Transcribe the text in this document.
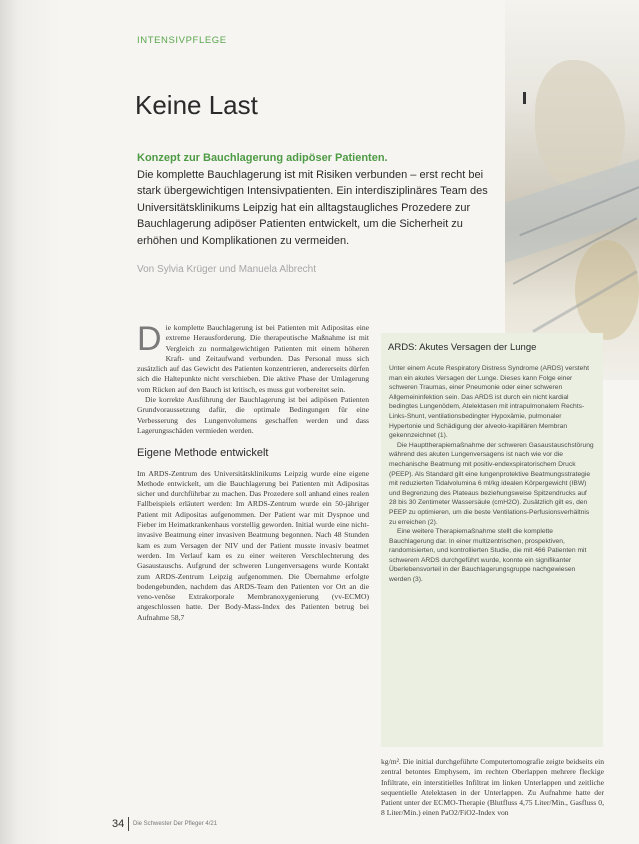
INTENSIVPFLEGE
Keine Last
Konzept zur Bauchlagerung adipöser Patienten.
Die komplette Bauchlagerung ist mit Risiken verbunden – erst recht bei stark übergewichtigen Intensivpatienten. Ein interdisziplinäres Team des Universitätsklinikums Leipzig hat ein alltagstaugliches Prozedere zur Bauchlagerung adipöser Patienten entwickelt, um die Sicherheit zu erhöhen und Komplikationen zu vermeiden.
Von Sylvia Krüger und Manuela Albrecht

Die komplette Bauchlagerung ist bei Patienten mit Adipositas eine extreme Herausforderung. Die therapeutische Maßnahme ist mit Vergleich zu normalgewichtigen Patienten mit einem höheren Kraft- und Zeitaufwand verbunden. Das Personal muss sich zusätzlich auf das Gewicht des Patienten konzentrieren, andererseits dürfen sich die Haltepunkte nicht verschieben. Die aktive Phase der Umlagerung vom Rücken auf den Bauch ist kritisch, es muss gut vorbereitet sein.

Die korrekte Ausführung der Bauchlagerung ist bei adipösen Patienten Grundvoraussetzung dafür, die optimale Bedingungen für eine Verbesserung des Lungenvolumens geschaffen werden und dass Lagerungsschäden vermieden werden.

Eigene Methode entwickelt

Im ARDS-Zentrum des Universitätsklinikums Leipzig wurde eine eigene Methode entwickelt, um die Bauchlagerung bei Patienten mit Adipositas sicher und durchführbar zu machen. Das Prozedere soll anhand eines realen Fallbeispiels erläutert werden: Im ARDS-Zentrum wurde ein 50-jähriger Patient mit Adipositas aufgenommen. Der Patient war mit Dyspnoe und Fieber im Heimatkrankenhaus vorstellig geworden. Initial wurde eine nicht-invasive Beatmung einer invasiven Beatmung begonnen. Nach 48 Stunden kam es zum Versagen der NIV und der Patient musste invasiv beatmet werden. Im Verlauf kam es zu einer weiteren Verschlechterung des Gasaustauschs. Aufgrund der schweren Lungenversagens wurde Kontakt zum ARDS-Zentrum Leipzig aufgenommen. Die Übernahme erfolgte bodengebunden, nachdem das ARDS-Team den Patienten vor Ort an die veno-venöse Extrakorporale Membranoxygenierung (vv-ECMO) angeschlossen hatte. Der Body-Mass-Index des Patienten betrug bei Aufnahme 58,7

ARDS: Akutes Versagen der Lunge

Unter einem Acute Respiratory Distress Syndrome (ARDS) versteht man ein akutes Versagen der Lunge. Dieses kann Folge einer schweren Traumas, einer Pneumonie oder einer schweren Allgemeininfektion sein. Das ARDS ist durch ein nicht kardial bedingtes Lungenödem, Atelektasen mit intrapulmonalem Rechts-Links-Shunt, ventilationsbedingter Hypoxämie, pulmonaler Hypertonie und Schädigung der alveolo-kapillären Membran gekennzeichnet (1).

Die Haupttherapiemaßnahme der schweren Gasaustauschstörung während des akuten Lungenversagens ist nach wie vor die mechanische Beatmung mit positiv-endexspiratorischem Druck (PEEP). Als Standard gilt eine lungenprotektive Beatmungsstrategie mit reduzierten Tidalvolumina 6 ml/kg idealen Körpergewicht (IBW) und Begrenzung des Plateaus beziehungsweise Spitzendrucks auf 28 bis 30 Zentimeter Wassersäule (cmH2O). Zusätzlich gilt es, den PEEP zu optimieren, um die beste Ventilations-Perfusionsverhältnis zu erreichen (2).

Eine weitere Therapiemaßnahme stellt die komplette Bauchlagerung dar. In einer multizentrischen, prospektiven, randomisierten, und kontrollierten Studie, die mit 466 Patienten mit schwerem ARDS durchgeführt wurde, konnte ein signifikanter Überlebensvorteil in der Bauchlagerungsgruppe nachgewiesen werden (3).

kg/m². Die initial durchgeführte Computertomografie zeigte beidseits ein zentral betontes Emphysem, im rechten Oberlappen mehrere fleckige Infiltrate, ein interstitielles Infiltrat im linken Unterlappen und zeitliche sequentielle Atelektasen in der Unterlappen. Zu Aufnahme hatte der Patient unter der ECMO-Therapie (Blutfluss 4,75 Liter/Min., Gasfluss 0, 8 Liter/Min.) einen PaO2/FiO2-Index von

34 Die Schwester Der Pfleger 4/21
